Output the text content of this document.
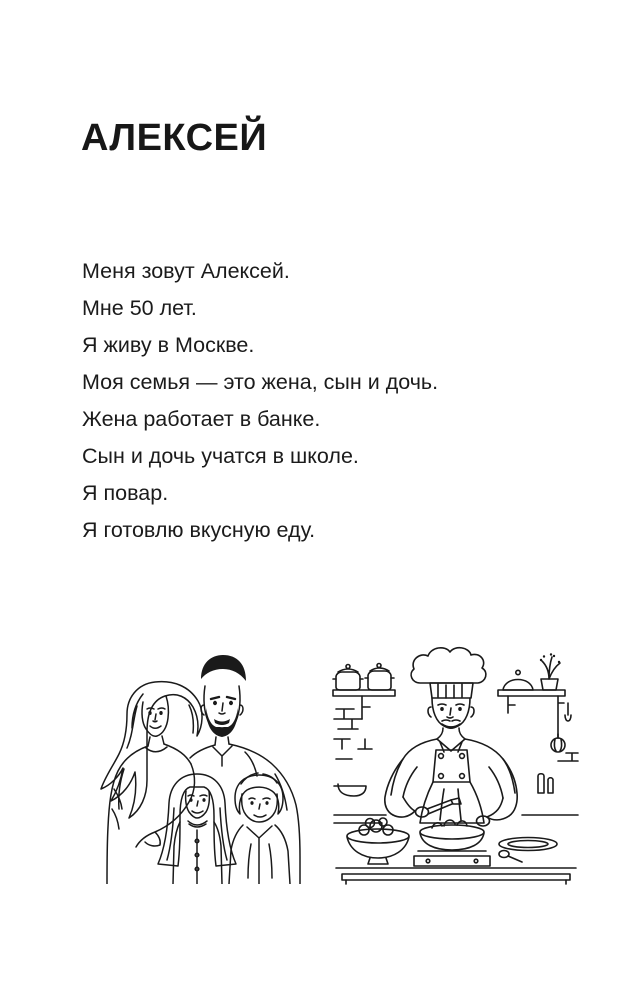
АЛЕКСЕЙ

Меня зовут Алексей.

Мне 50 лет.

Я живу в Москве.

Моя семья — это жена, сын и дочь.

Жена работает в банке.

Сын и дочь учатся в школе.

Я повар.

Я готовлю вкусную еду.
